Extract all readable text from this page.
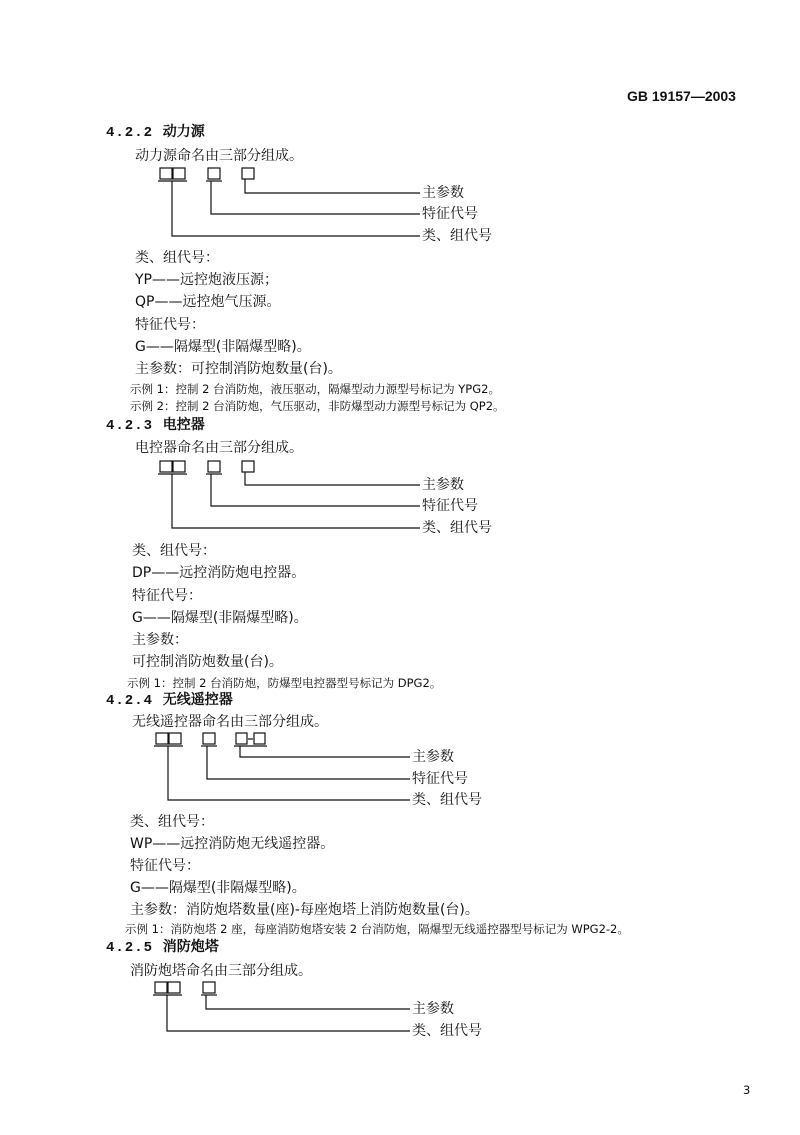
GB 19157—2003
4.2.2 动力源
动力源命名由三部分组成。
主参数
特征代号
类、组代号
类、组代号：
YP——远控炮液压源；
QP——远控炮气压源。
特征代号：
G——隔爆型(非隔爆型略)。
主参数：可控制消防炮数量(台)。
示例 1：控制 2 台消防炮，液压驱动，隔爆型动力源型号标记为 YPG2。
示例 2：控制 2 台消防炮，气压驱动，非防爆型动力源型号标记为 QP2。
4.2.3 电控器
电控器命名由三部分组成。
主参数
特征代号
类、组代号
类、组代号：
DP——远控消防炮电控器。
特征代号：
G——隔爆型(非隔爆型略)。
主参数：
可控制消防炮数量(台)。
示例 1：控制 2 台消防炮，防爆型电控器型号标记为 DPG2。
4.2.4 无线遥控器
无线遥控器命名由三部分组成。
主参数
特征代号
类、组代号
类、组代号：
WP——远控消防炮无线遥控器。
特征代号：
G——隔爆型(非隔爆型略)。
主参数：消防炮塔数量(座)-每座炮塔上消防炮数量(台)。
示例 1：消防炮塔 2 座，每座消防炮塔安装 2 台消防炮，隔爆型无线遥控器型号标记为 WPG2-2。
4.2.5 消防炮塔
消防炮塔命名由三部分组成。
主参数
类、组代号
3
